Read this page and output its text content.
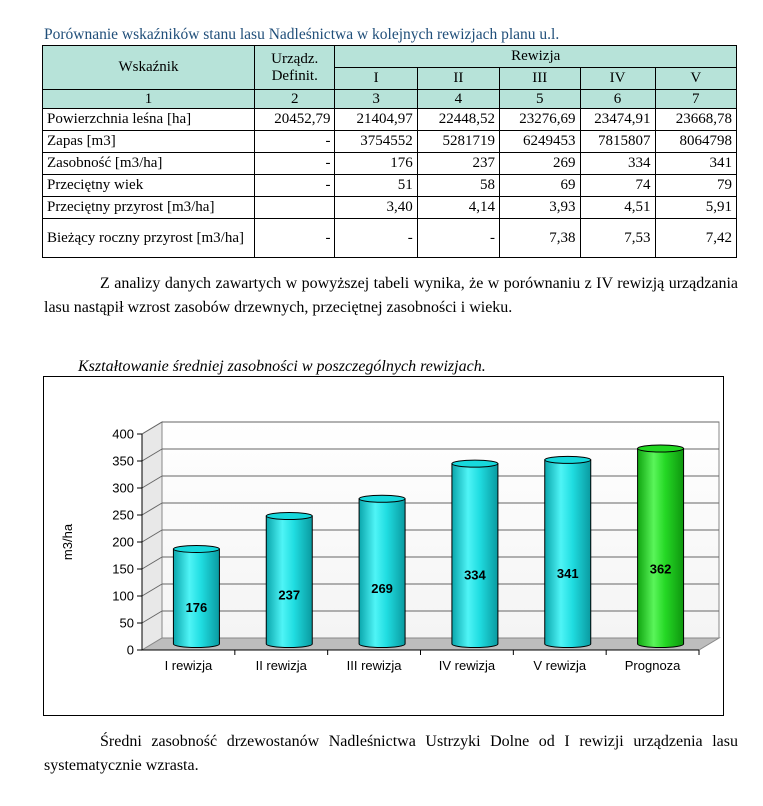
Porównanie wskaźników stanu lasu Nadleśnictwa w kolejnych rewizjach planu u.l.
Wskaźnik	Urządz. Definit.	Rewizja				
		I	II	III	IV	V
1	2	3	4	5	6	7
Powierzchnia leśna [ha]	20452,79	21404,97	22448,52	23276,69	23474,91	23668,78
Zapas [m3]	-	3754552	5281719	6249453	7815807	8064798
Zasobność [m3/ha]	-	176	237	269	334	341
Przeciętny wiek	-	51	58	69	74	79
Przeciętny przyrost [m3/ha]		3,40	4,14	3,93	4,51	5,91
Bieżący roczny przyrost [m3/ha]	-	-	-	7,38	7,53	7,42
Z analizy danych zawartych w powyższej tabeli wynika, że w porównaniu z IV rewizją urządzania lasu nastąpił wzrost zasobów drzewnych, przeciętnej zasobności i wieku.
Kształtowanie średniej zasobności w poszczególnych rewizjach.
0
50
100
150
200
250
300
350
400
m3/ha
176
I rewizja
237
II rewizja
269
III rewizja
334
IV rewizja
341
V rewizja
362
Prognoza
Średni zasobność drzewostanów Nadleśnictwa Ustrzyki Dolne od I rewizji urządzenia lasu systematycznie wzrasta.
